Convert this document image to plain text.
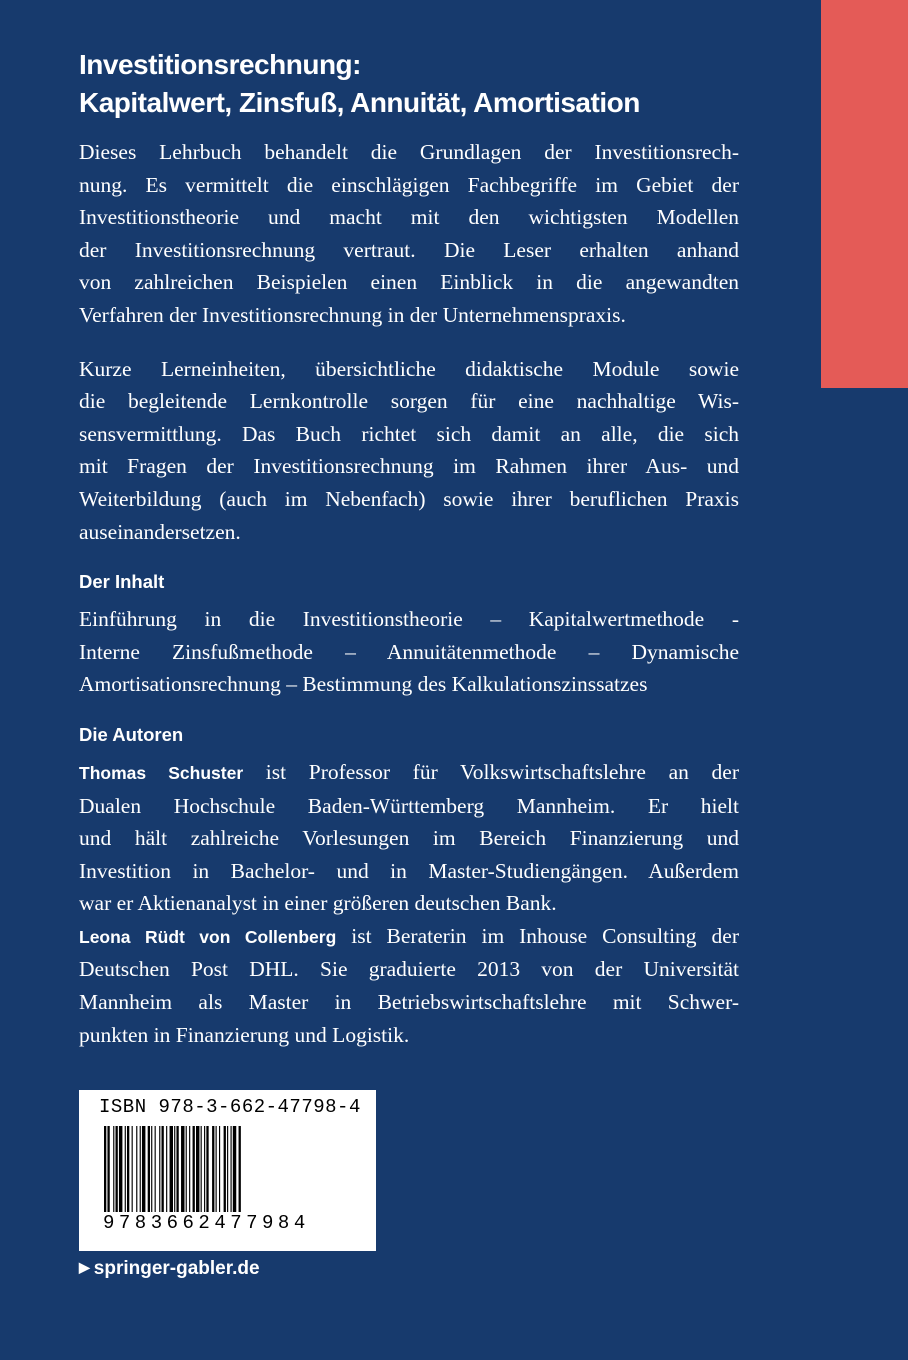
Investitionsrechnung:
Kapitalwert, Zinsfuß, Annuität, Amortisation

Dieses Lehrbuch behandelt die Grundlagen der Investitionsrech-
nung. Es vermittelt die einschlägigen Fachbegriffe im Gebiet der
Investitionstheorie und macht mit den wichtigsten Modellen
der Investitionsrechnung vertraut. Die Leser erhalten anhand
von zahlreichen Beispielen einen Einblick in die angewandten
Verfahren der Investitionsrechnung in der Unternehmenspraxis.

Kurze Lerneinheiten, übersichtliche didaktische Module sowie
die begleitende Lernkontrolle sorgen für eine nachhaltige Wis-
sensvermittlung. Das Buch richtet sich damit an alle, die sich
mit Fragen der Investitionsrechnung im Rahmen ihrer Aus- und
Weiterbildung (auch im Nebenfach) sowie ihrer beruflichen Praxis
auseinandersetzen.

Der Inhalt

Einführung in die Investitionstheorie – Kapitalwertmethode -
Interne Zinsfußmethode – Annuitätenmethode – Dynamische
Amortisationsrechnung – Bestimmung des Kalkulationszinssatzes

Die Autoren

Thomas Schuster ist Professor für Volkswirtschaftslehre an der
Dualen Hochschule Baden-Württemberg Mannheim. Er hielt
und hält zahlreiche Vorlesungen im Bereich Finanzierung und
Investition in Bachelor- und in Master-Studiengängen. Außerdem
war er Aktienanalyst in einer größeren deutschen Bank.

Leona Rüdt von Collenberg ist Beraterin im Inhouse Consulting der
Deutschen Post DHL. Sie graduierte 2013 von der Universität
Mannheim als Master in Betriebswirtschaftslehre mit Schwer-
punkten in Finanzierung und Logistik.

ISBN 978-3-662-47798-4
9783662477984
▶ springer-gabler.de
